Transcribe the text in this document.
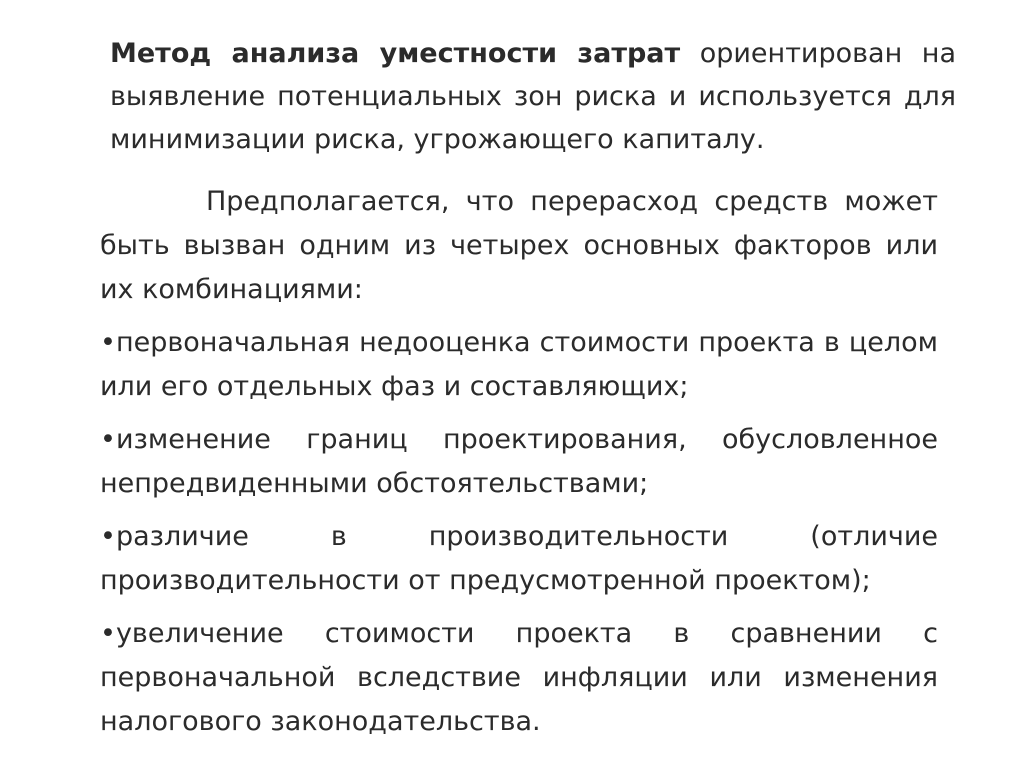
Метод анализа уместности затрат ориентирован на выявление потенциальных зон риска и используется для минимизации риска, угрожающего капиталу.

Предполагается, что перерасход средств может быть вызван одним из четырех основных факторов или их комбинациями:

•первоначальная недооценка стоимости проекта в целом или его отдельных фаз и составляющих;

•изменение границ проектирования, обусловленное непредвиденными обстоятельствами;

•различие в производительности (отличие производительности от предусмотренной проектом);

•увеличение стоимости проекта в сравнении с первоначальной вследствие инфляции или изменения налогового законодательства.
